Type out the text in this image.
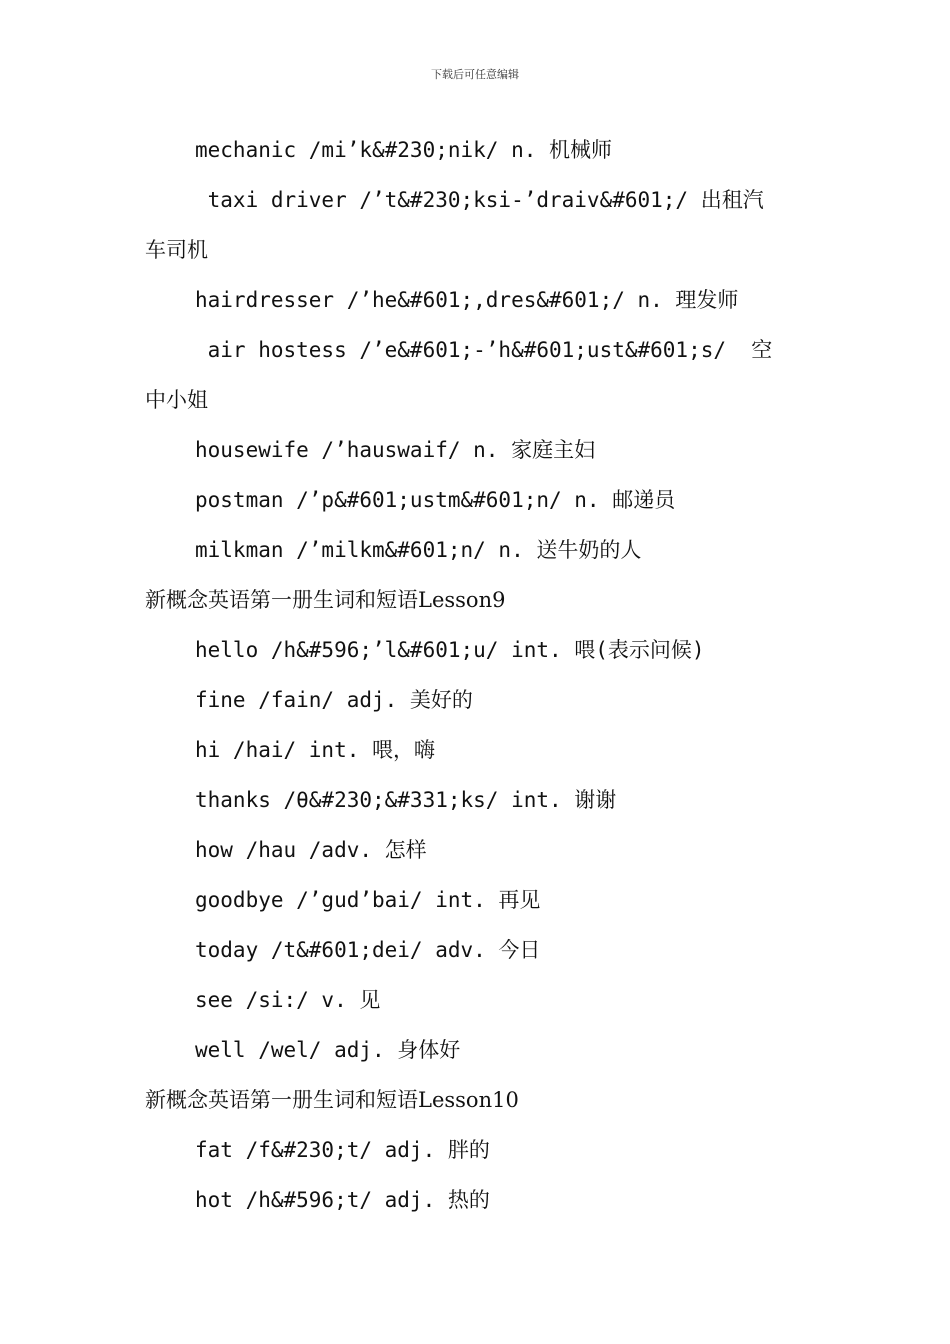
下载后可任意编辑
mechanic /mi’k&#230;nik/ n. 机械师
taxi driver /’t&#230;ksi-’draiv&#601;/ 出租汽
车司机
hairdresser /’he&#601;,dres&#601;/ n. 理发师
air hostess /’e&#601;-’h&#601;ust&#601;s/  空
中小姐
housewife /’hauswaif/ n. 家庭主妇
postman /’p&#601;ustm&#601;n/ n. 邮递员
milkman /’milkm&#601;n/ n. 送牛奶的人
新概念英语第一册生词和短语Lesson9
hello /h&#596;’l&#601;u/ int. 喂(表示问候)
fine /fain/ adj. 美好的
hi /hai/ int. 喂，嗨
thanks /θ&#230;&#331;ks/ int. 谢谢
how /hau /adv. 怎样
goodbye /’gud’bai/ int. 再见
today /t&#601;dei/ adv. 今日
see /si:/ v. 见
well /wel/ adj. 身体好
新概念英语第一册生词和短语Lesson10
fat /f&#230;t/ adj. 胖的
hot /h&#596;t/ adj. 热的
